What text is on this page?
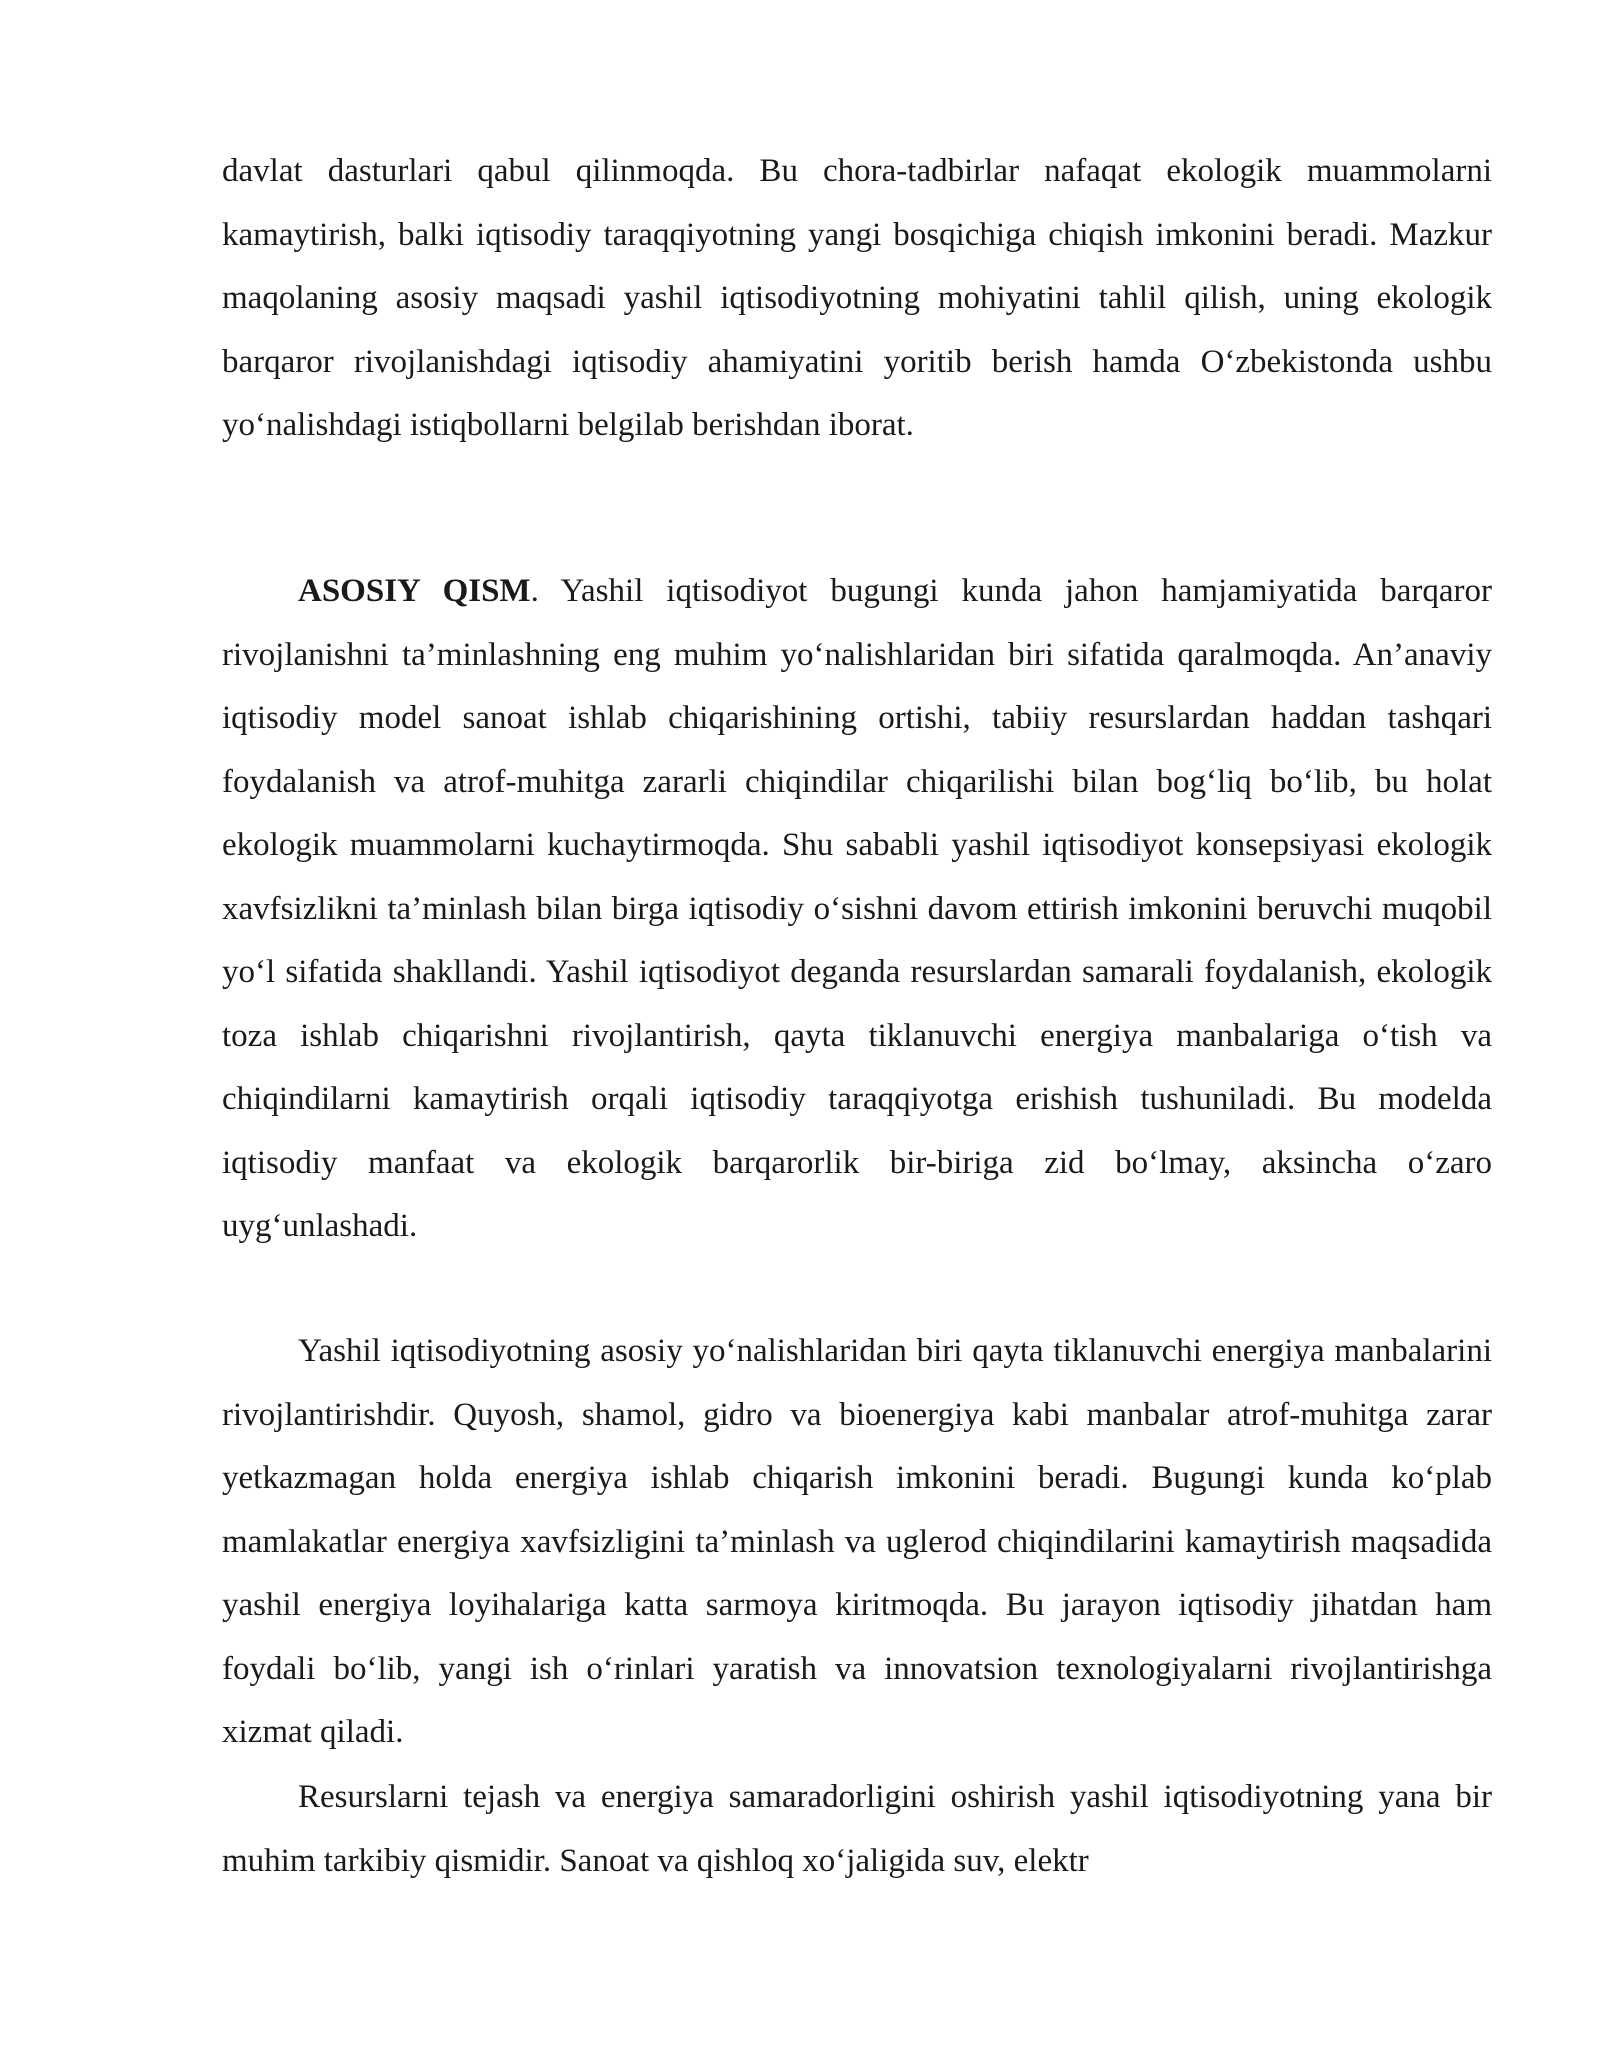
davlat dasturlari qabul qilinmoqda. Bu chora-tadbirlar nafaqat ekologik muammolarni kamaytirish, balki iqtisodiy taraqqiyotning yangi bosqichiga chiqish imkonini beradi. Mazkur maqolaning asosiy maqsadi yashil iqtisodiyotning mohiyatini tahlil qilish, uning ekologik barqaror rivojlanishdagi iqtisodiy ahamiyatini yoritib berish hamda O‘zbekistonda ushbu yo‘nalishdagi istiqbollarni belgilab berishdan iborat.

ASOSIY QISM. Yashil iqtisodiyot bugungi kunda jahon hamjamiyatida barqaror rivojlanishni ta’minlashning eng muhim yo‘nalishlaridan biri sifatida qaralmoqda. An’anaviy iqtisodiy model sanoat ishlab chiqarishining ortishi, tabiiy resurslardan haddan tashqari foydalanish va atrof-muhitga zararli chiqindilar chiqarilishi bilan bog‘liq bo‘lib, bu holat ekologik muammolarni kuchaytirmoqda. Shu sababli yashil iqtisodiyot konsepsiyasi ekologik xavfsizlikni ta’minlash bilan birga iqtisodiy o‘sishni davom ettirish imkonini beruvchi muqobil yo‘l sifatida shakllandi. Yashil iqtisodiyot deganda resurslardan samarali foydalanish, ekologik toza ishlab chiqarishni rivojlantirish, qayta tiklanuvchi energiya manbalariga o‘tish va chiqindilarni kamaytirish orqali iqtisodiy taraqqiyotga erishish tushuniladi. Bu modelda iqtisodiy manfaat va ekologik barqarorlik bir-biriga zid bo‘lmay, aksincha o‘zaro uyg‘unlashadi.

Yashil iqtisodiyotning asosiy yo‘nalishlaridan biri qayta tiklanuvchi energiya manbalarini rivojlantirishdir. Quyosh, shamol, gidro va bioenergiya kabi manbalar atrof-muhitga zarar yetkazmagan holda energiya ishlab chiqarish imkonini beradi. Bugungi kunda ko‘plab mamlakatlar energiya xavfsizligini ta’minlash va uglerod chiqindilarini kamaytirish maqsadida yashil energiya loyihalariga katta sarmoya kiritmoqda. Bu jarayon iqtisodiy jihatdan ham foydali bo‘lib, yangi ish o‘rinlari yaratish va innovatsion texnologiyalarni rivojlantirishga xizmat qiladi.

Resurslarni tejash va energiya samaradorligini oshirish yashil iqtisodiyotning yana bir muhim tarkibiy qismidir. Sanoat va qishloq xo‘jaligida suv, elektr
